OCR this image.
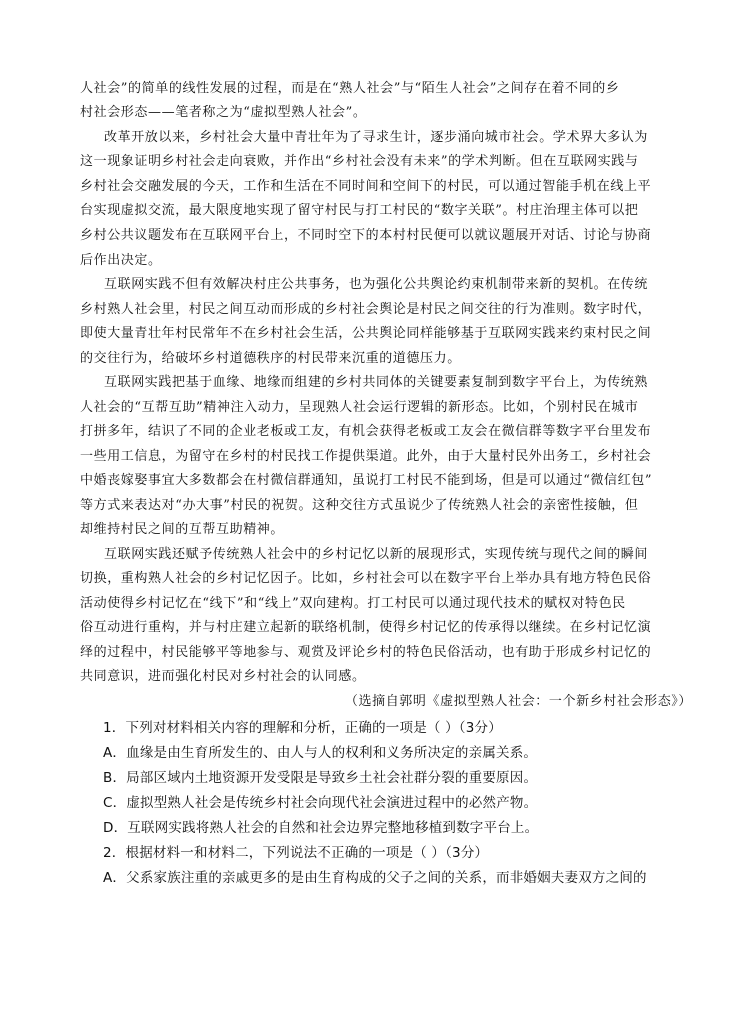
人社会”的简单的线性发展的过程，而是在“熟人社会”与“陌生人社会”之间存在着不同的乡
村社会形态——笔者称之为“虚拟型熟人社会”。
改革开放以来，乡村社会大量中青壮年为了寻求生计，逐步涌向城市社会。学术界大多认为
这一现象证明乡村社会走向衰败，并作出“乡村社会没有未来”的学术判断。但在互联网实践与
乡村社会交融发展的今天，工作和生活在不同时间和空间下的村民，可以通过智能手机在线上平
台实现虚拟交流，最大限度地实现了留守村民与打工村民的“数字关联”。村庄治理主体可以把
乡村公共议题发布在互联网平台上，不同时空下的本村村民便可以就议题展开对话、讨论与协商
后作出决定。
互联网实践不但有效解决村庄公共事务，也为强化公共舆论约束机制带来新的契机。在传统
乡村熟人社会里，村民之间互动而形成的乡村社会舆论是村民之间交往的行为准则。数字时代，
即使大量青壮年村民常年不在乡村社会生活，公共舆论同样能够基于互联网实践来约束村民之间
的交往行为，给破坏乡村道德秩序的村民带来沉重的道德压力。
互联网实践把基于血缘、地缘而组建的乡村共同体的关键要素复制到数字平台上，为传统熟
人社会的“互帮互助”精神注入动力，呈现熟人社会运行逻辑的新形态。比如，个别村民在城市
打拼多年，结识了不同的企业老板或工友，有机会获得老板或工友会在微信群等数字平台里发布
一些用工信息，为留守在乡村的村民找工作提供渠道。此外，由于大量村民外出务工，乡村社会
中婚丧嫁娶事宜大多数都会在村微信群通知，虽说打工村民不能到场，但是可以通过“微信红包”
等方式来表达对“办大事”村民的祝贺。这种交往方式虽说少了传统熟人社会的亲密性接触，但
却维持村民之间的互帮互助精神。
互联网实践还赋予传统熟人社会中的乡村记忆以新的展现形式，实现传统与现代之间的瞬间
切换，重构熟人社会的乡村记忆因子。比如，乡村社会可以在数字平台上举办具有地方特色民俗
活动使得乡村记忆在“线下”和“线上”双向建构。打工村民可以通过现代技术的赋权对特色民
俗互动进行重构，并与村庄建立起新的联络机制，使得乡村记忆的传承得以继续。在乡村记忆演
绎的过程中，村民能够平等地参与、观赏及评论乡村的特色民俗活动，也有助于形成乡村记忆的
共同意识，进而强化村民对乡村社会的认同感。
（选摘自郭明《虚拟型熟人社会：一个新乡村社会形态》）
1．下列对材料相关内容的理解和分析，正确的一项是（ ）（3分）
A．血缘是由生育所发生的、由人与人的权利和义务所决定的亲属关系。
B．局部区域内土地资源开发受限是导致乡土社会社群分裂的重要原因。
C．虚拟型熟人社会是传统乡村社会向现代社会演进过程中的必然产物。
D．互联网实践将熟人社会的自然和社会边界完整地移植到数字平台上。
2．根据材料一和材料二，下列说法不正确的一项是（ ）（3分）
A．父系家族注重的亲戚更多的是由生育构成的父子之间的关系，而非婚姻夫妻双方之间的
